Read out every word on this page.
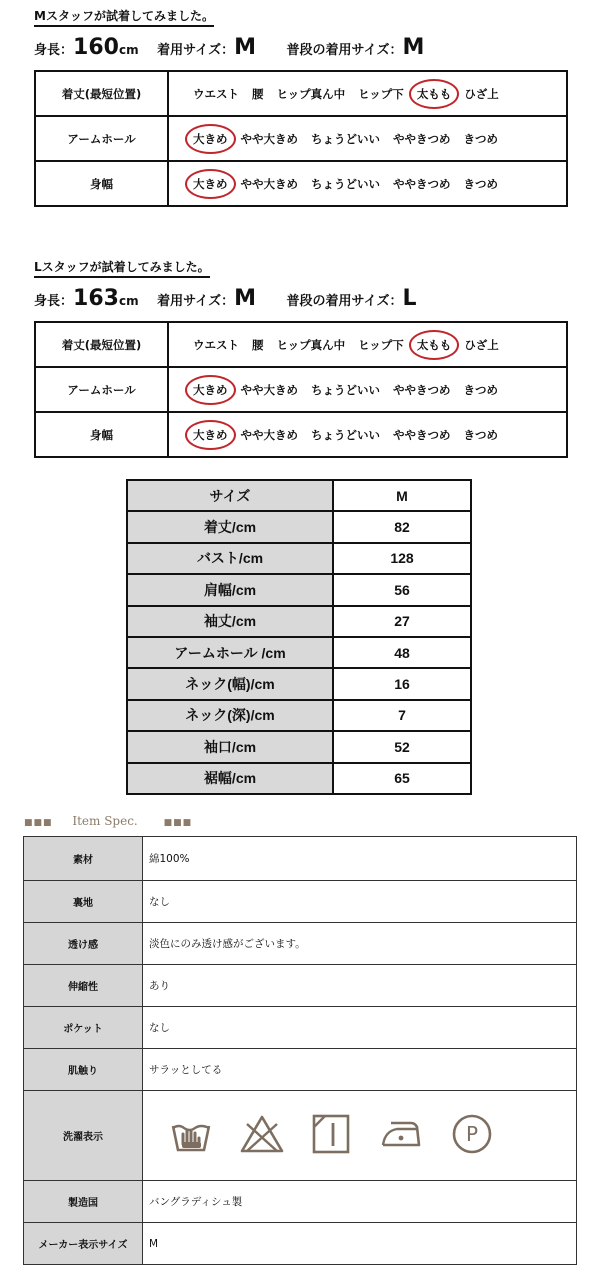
Mスタッフが試着してみました。
身長：160cm 着用サイズ：M 普段の着用サイズ：M
着丈(最短位置)	ウエスト 腰 ヒップ真ん中 ヒップ下 太もも ひざ上
アームホール	大きめ やや大きめ ちょうどいい ややきつめ きつめ
身幅	大きめ やや大きめ ちょうどいい ややきつめ きつめ
Lスタッフが試着してみました。
身長：163cm 着用サイズ：M 普段の着用サイズ：L
着丈(最短位置)	ウエスト 腰 ヒップ真ん中 ヒップ下 太もも ひざ上
アームホール	大きめ やや大きめ ちょうどいい ややきつめ きつめ
身幅	大きめ やや大きめ ちょうどいい ややきつめ きつめ
サイズ	M
着丈/cm	82
バスト/cm	128
肩幅/cm	56
袖丈/cm	27
アームホール /cm	48
ネック(幅)/cm	16
ネック(深)/cm	7
袖口/cm	52
裾幅/cm	65
■■■ Item Spec.	■■■
素材	綿100%
裏地	なし
透け感	淡色にのみ透け感がございます。
伸縮性	あり
ポケット	なし
肌触り	サラッとしてる
洗濯表示	P

製造国	バングラディシュ製
メーカー表示サイズ	M
